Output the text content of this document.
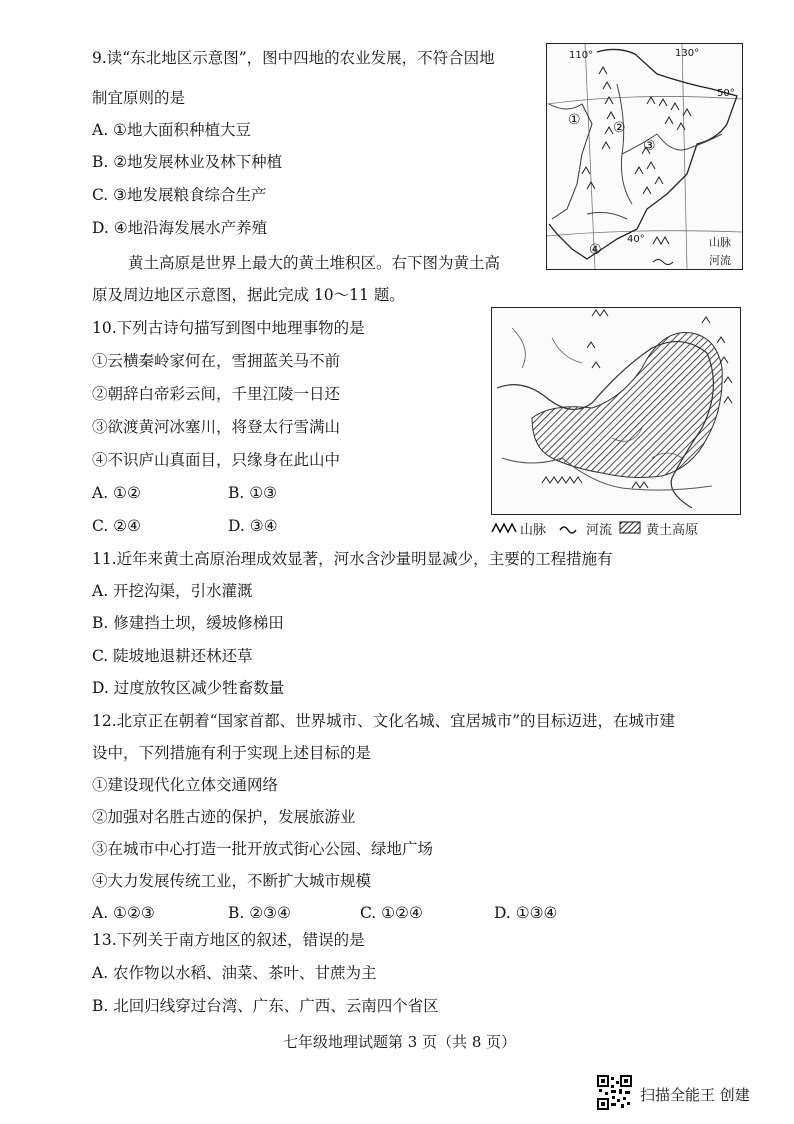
9.读“东北地区示意图”，图中四地的农业发展，不符合因地
制宜原则的是
A. ①地大面积种植大豆
B. ②地发展林业及林下种植
C. ③地发展粮食综合生产
D. ④地沿海发展水产养殖
110°	130°
50°
40°
① ②
③
④	山脉
河流
黄土高原是世界上最大的黄土堆积区。右下图为黄土高
原及周边地区示意图，据此完成 10～11 题。
10.下列古诗句描写到图中地理事物的是
①云横秦岭家何在，雪拥蓝关马不前
②朝辞白帝彩云间，千里江陵一日还
③欲渡黄河冰塞川，将登太行雪满山
④不识庐山真面目，只缘身在此山中
A. ①②	B. ①③
C. ②④	D. ③④	山脉	河流	黄土高原
11.近年来黄土高原治理成效显著，河水含沙量明显减少，主要的工程措施有
A. 开挖沟渠，引水灌溉
B. 修建挡土坝，缓坡修梯田
C. 陡坡地退耕还林还草
D. 过度放牧区减少牲畜数量
12.北京正在朝着“国家首都、世界城市、文化名城、宜居城市”的目标迈进，在城市建
设中，下列措施有利于实现上述目标的是
①建设现代化立体交通网络
②加强对名胜古迹的保护，发展旅游业
③在城市中心打造一批开放式街心公园、绿地广场
④大力发展传统工业，不断扩大城市规模
A. ①②③	B. ②③④	C. ①②④	D. ①③④
13.下列关于南方地区的叙述，错误的是
A. 农作物以水稻、油菜、茶叶、甘蔗为主
B. 北回归线穿过台湾、广东、广西、云南四个省区
七年级地理试题第 3 页（共 8 页）
扫描全能王 创建
